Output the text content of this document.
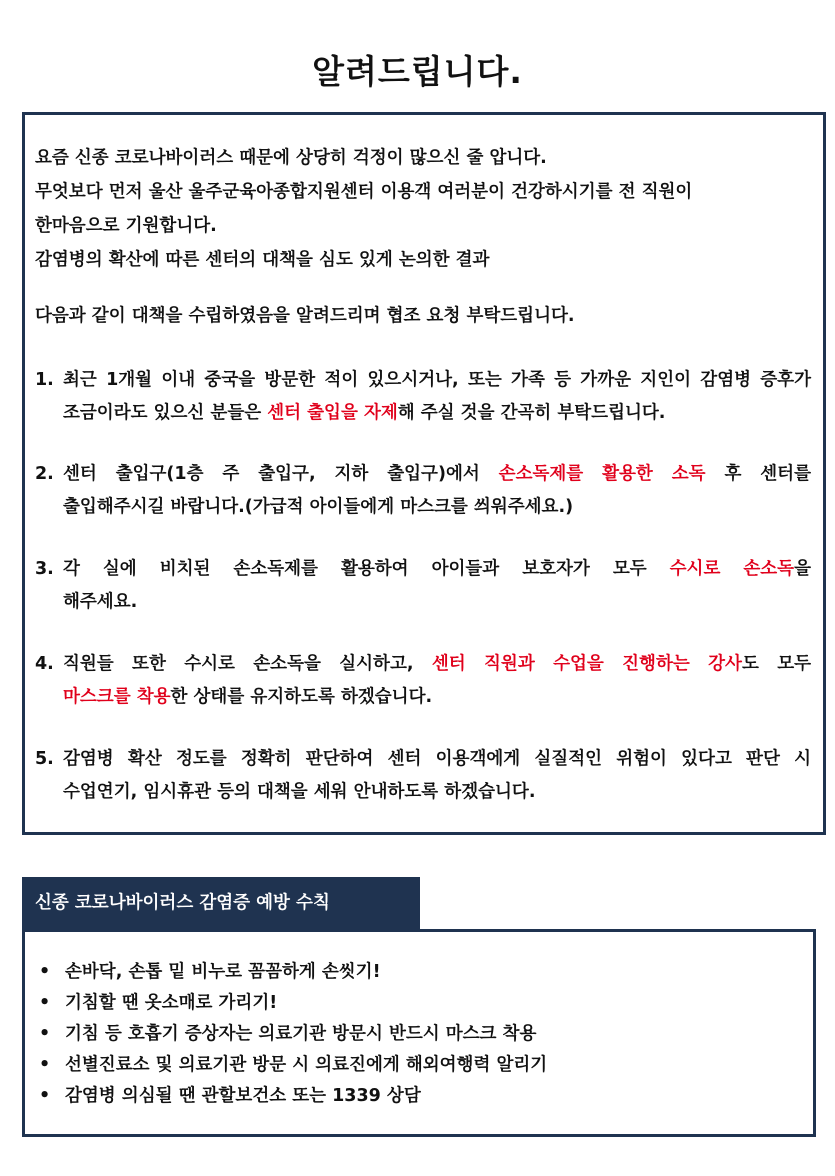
알려드립니다.
요즘 신종 코로나바이러스 때문에 상당히 걱정이 많으신 줄 압니다.
무엇보다 먼저 울산 울주군육아종합지원센터 이용객 여러분이 건강하시기를 전 직원이
한마음으로 기원합니다.
감염병의 확산에 따른 센터의 대책을 심도 있게 논의한 결과
다음과 같이 대책을 수립하였음을 알려드리며 협조 요청 부탁드립니다.
1. 최근 1개월 이내 중국을 방문한 적이 있으시거나, 또는 가족 등 가까운 지인이 감염병 증후가
조금이라도 있으신 분들은 센터 출입을 자제해 주실 것을 간곡히 부탁드립니다.
2. 센터 출입구(1층 주 출입구, 지하 출입구)에서 손소독제를 활용한 소독 후 센터를
출입해주시길 바랍니다.(가급적 아이들에게 마스크를 씌워주세요.)
3. 각 실에 비치된 손소독제를 활용하여 아이들과 보호자가 모두 수시로 손소독을
해주세요.
4. 직원들 또한 수시로 손소독을 실시하고, 센터 직원과 수업을 진행하는 강사도 모두
마스크를 착용한 상태를 유지하도록 하겠습니다.
5. 감염병 확산 정도를 정확히 판단하여 센터 이용객에게 실질적인 위험이 있다고 판단 시
수업연기, 임시휴관 등의 대책을 세워 안내하도록 하겠습니다.
신종 코로나바이러스 감염증 예방 수칙
• 손바닥, 손톱 밑 비누로 꼼꼼하게 손씻기!
• 기침할 땐 옷소매로 가리기!
• 기침 등 호흡기 증상자는 의료기관 방문시 반드시 마스크 착용
• 선별진료소 및 의료기관 방문 시 의료진에게 해외여행력 알리기
• 감염병 의심될 땐 관할보건소 또는 1339 상담
